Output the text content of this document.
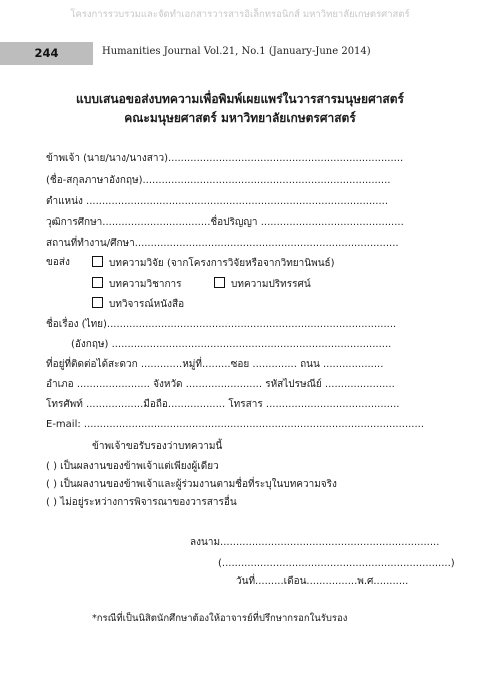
โครงการรวบรวมและจัดทำเอกสารวารสารอิเล็กทรอนิกส์ มหาวิทยาลัยเกษตรศาสตร์
244	Humanities Journal Vol.21, No.1 (January-June 2014)
แบบเสนอขอส่งบทความเพื่อพิมพ์เผยแพร่ในวารสารมนุษยศาสตร์
คณะมนุษยศาสตร์ มหาวิทยาลัยเกษตรศาสตร์
ข้าพเจ้า (นาย/นาง/นางสาว)..........................................................................
(ชื่อ-สกุลภาษาอังกฤษ)..............................................................................
ตำแหน่ง ...............................................................................................
วุฒิการศึกษา..................................ชื่อปริญญา .............................................
สถานที่ทำงาน/ศึกษา...................................................................................
ขอส่ง	บทความวิจัย (จากโครงการวิจัยหรือจากวิทยานิพนธ์)
บทความวิชาการ	บทความปริทรรศน์
บทวิจารณ์หนังสือ
ชื่อเรื่อง (ไทย)...........................................................................................
(อังกฤษ) ........................................................................................
ที่อยู่ที่ติดต่อได้สะดวก .............หมู่ที่.........ซอย .............. ถนน ...................
อำเภอ ....................... จังหวัด ........................ รหัสไปรษณีย์ ......................
โทรศัพท์ ..................มือถือ.................. โทรสาร ..........................................
E-mail: ...........................................................................................................
ข้าพเจ้าขอรับรองว่าบทความนี้
( ) เป็นผลงานของข้าพเจ้าแต่เพียงผู้เดียว
( ) เป็นผลงานของข้าพเจ้าและผู้ร่วมงานตามชื่อที่ระบุในบทความจริง
( ) ไม่อยู่ระหว่างการพิจารณาของวารสารอื่น
ลงนาม.....................................................................
(........................................................................)
วันที่.........เดือน................พ.ศ...........
*กรณีที่เป็นนิสิตนักศึกษาต้องให้อาจารย์ที่ปรึกษากรอกในรับรอง
